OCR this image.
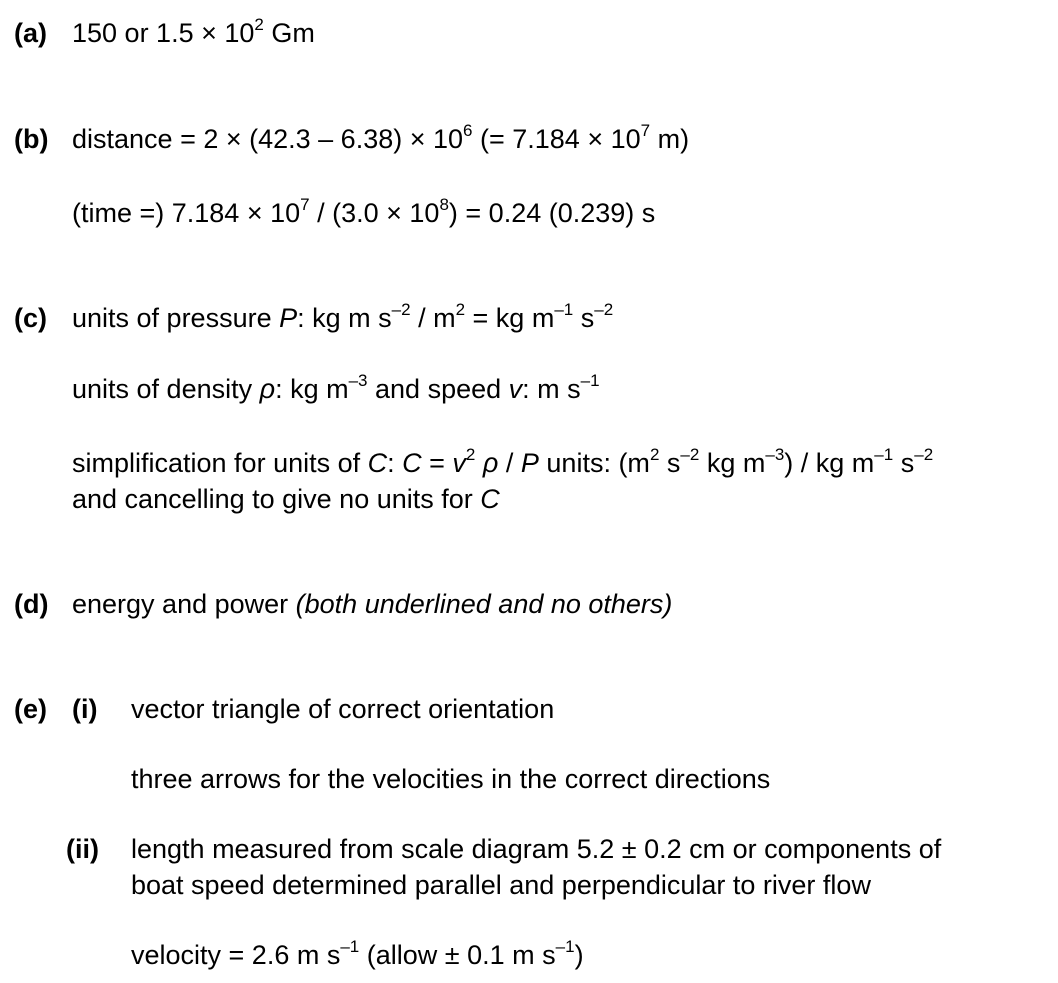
(a) 150 or $1.5 \times 10^2$ Gm
(b) distance = $2 \times (42.3 - 6.38) \times 10^6$ (= $7.184 \times 10^7$ m)
(time =) $7.184 \times 10^7 / (3.0 \times 10^8) = 0.24$ (0.239) s
(c) units of pressure P: kg m $s^{-2} / m^2$ = kg $m^{-1}$ $s^{-2}$
units of density ρ: kg $m^{-3}$ and speed v: m $s^{-1}$
simplification for units of C: $C = v^2$ ρ / P units: ($m^2$ $s^{-2}$ kg $m^{-3}$) / kg $m^{-1}$ $s^{-2}$
and cancelling to give no units for C
(d) energy and power (both underlined and no others)
(e) (i) vector triangle of correct orientation
three arrows for the velocities in the correct directions
(ii) length measured from scale diagram 5.2 ± 0.2 cm or components of
boat speed determined parallel and perpendicular to river flow
velocity = 2.6 m $s^{-1}$ (allow ± 0.1 m $s^{-1}$)
